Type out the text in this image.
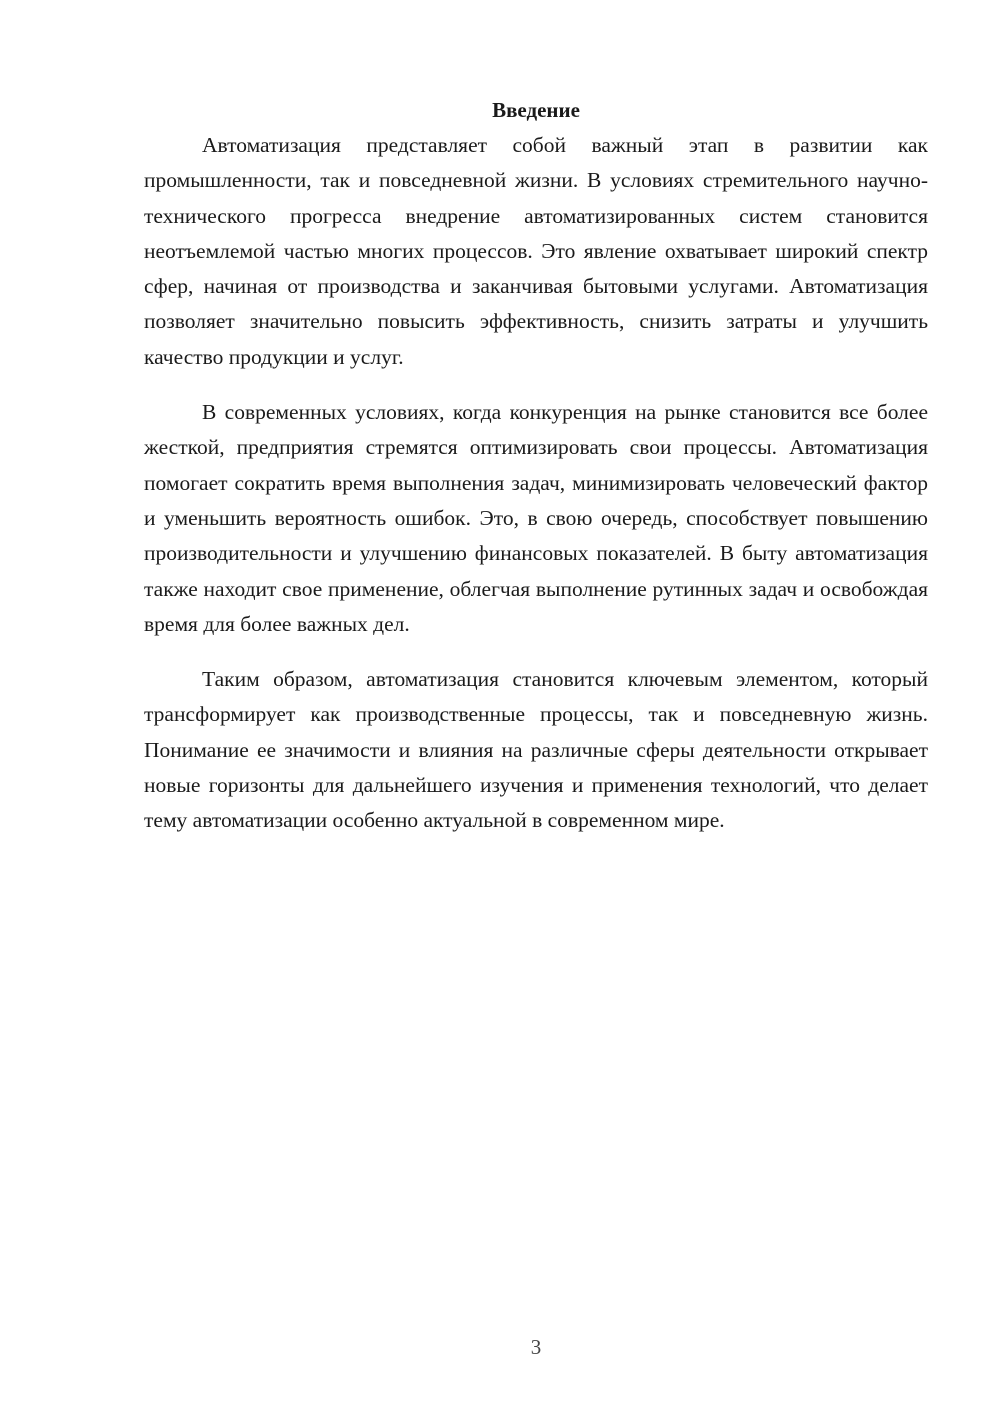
Введение

Автоматизация представляет собой важный этап в развитии как промышленности, так и повседневной жизни. В условиях стремительного научно-технического прогресса внедрение автоматизированных систем становится неотъемлемой частью многих процессов. Это явление охватывает широкий спектр сфер, начиная от производства и заканчивая бытовыми услугами. Автоматизация позволяет значительно повысить эффективность, снизить затраты и улучшить качество продукции и услуг.

В современных условиях, когда конкуренция на рынке становится все более жесткой, предприятия стремятся оптимизировать свои процессы. Автоматизация помогает сократить время выполнения задач, минимизировать человеческий фактор и уменьшить вероятность ошибок. Это, в свою очередь, способствует повышению производительности и улучшению финансовых показателей. В быту автоматизация также находит свое применение, облегчая выполнение рутинных задач и освобождая время для более важных дел.

Таким образом, автоматизация становится ключевым элементом, который трансформирует как производственные процессы, так и повседневную жизнь. Понимание ее значимости и влияния на различные сферы деятельности открывает новые горизонты для дальнейшего изучения и применения технологий, что делает тему автоматизации особенно актуальной в современном мире.

3
